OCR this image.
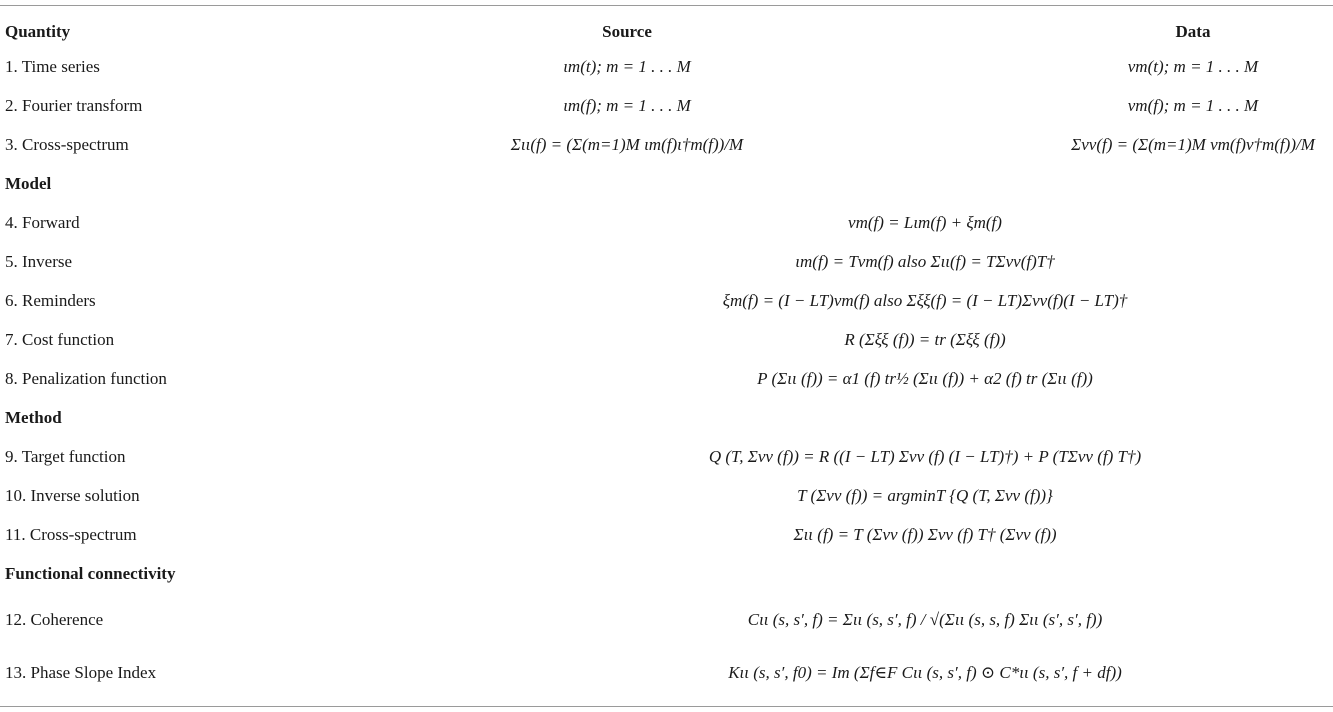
Quantity	Source	Data
1. Time series	ιm(t); m = 1 . . . M	vm(t); m = 1 . . . M
2. Fourier transform	ιm(f); m = 1 . . . M	νm(f); m = 1 . . . M
3. Cross-spectrum	Σιι(f) = (Σ(m=1)M ιm(f)ι†m(f))/M	Σνν(f) = (Σ(m=1)M νm(f)ν†m(f))/M
Model
4. Forward	νm(f) = Lιm(f) + ξm(f)
5. Inverse	ιm(f) = Tνm(f) also Σιι(f) = TΣνν(f)T†
6. Reminders	ξm(f) = (I − LT)νm(f) also Σξξ(f) = (I − LT)Σνν(f)(I − LT)†
7. Cost function	R (Σξξ (f)) = tr (Σξξ (f))
8. Penalization function	P (Σιι (f)) = α1 (f) tr½ (Σιι (f)) + α2 (f) tr (Σιι (f))
Method
9. Target function	Q (T, Σνν (f)) = R ((I − LT) Σνν (f) (I − LT)†) + P (TΣνν (f) T†)
10. Inverse solution	T (Σνν (f)) = argminT {Q (T, Σνν (f))}
11. Cross-spectrum	Σιι (f) = T (Σνν (f)) Σνν (f) T† (Σνν (f))
Functional connectivity
12. Coherence	Cιι (s, s′, f) = Σιι (s, s′, f) / √(Σιι (s, s, f) Σιι (s′, s′, f))
13. Phase Slope Index	Kιι (s, s′, f0) = Im (Σf∈F Cιι (s, s′, f) ⊙ C*ιι (s, s′, f + df))
